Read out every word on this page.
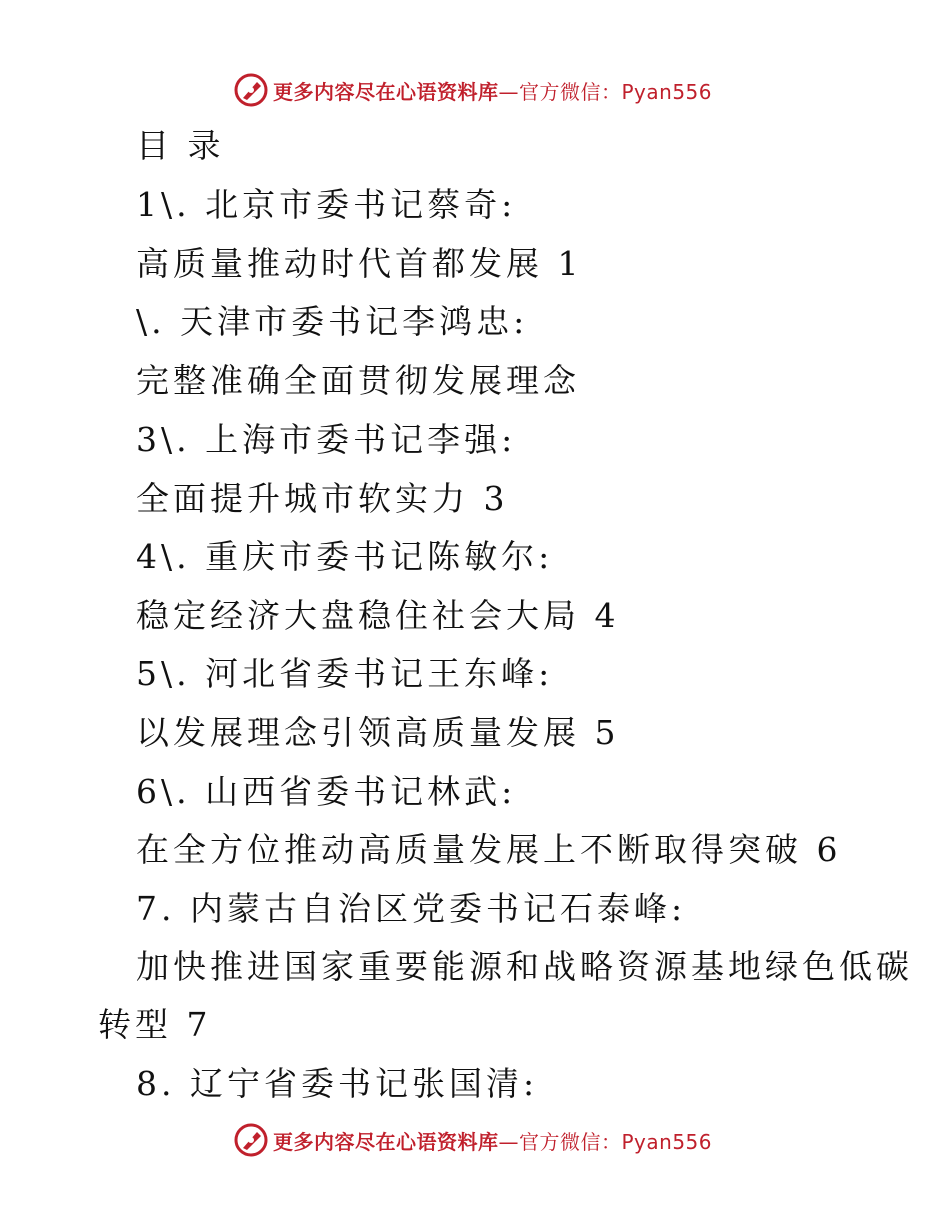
更多内容尽在心语资料库—官方微信：Pyan556
目 录
1\. 北京市委书记蔡奇:
高质量推动时代首都发展 1
\. 天津市委书记李鸿忠:
完整准确全面贯彻发展理念
3\. 上海市委书记李强:
全面提升城市软实力 3
4\. 重庆市委书记陈敏尔:
稳定经济大盘稳住社会大局 4
5\. 河北省委书记王东峰:
以发展理念引领高质量发展 5
6\. 山西省委书记林武:
在全方位推动高质量发展上不断取得突破 6
7. 内蒙古自治区党委书记石泰峰:
加快推进国家重要能源和战略资源基地绿色低碳
转型 7
8. 辽宁省委书记张国清:
更多内容尽在心语资料库—官方微信：Pyan556
